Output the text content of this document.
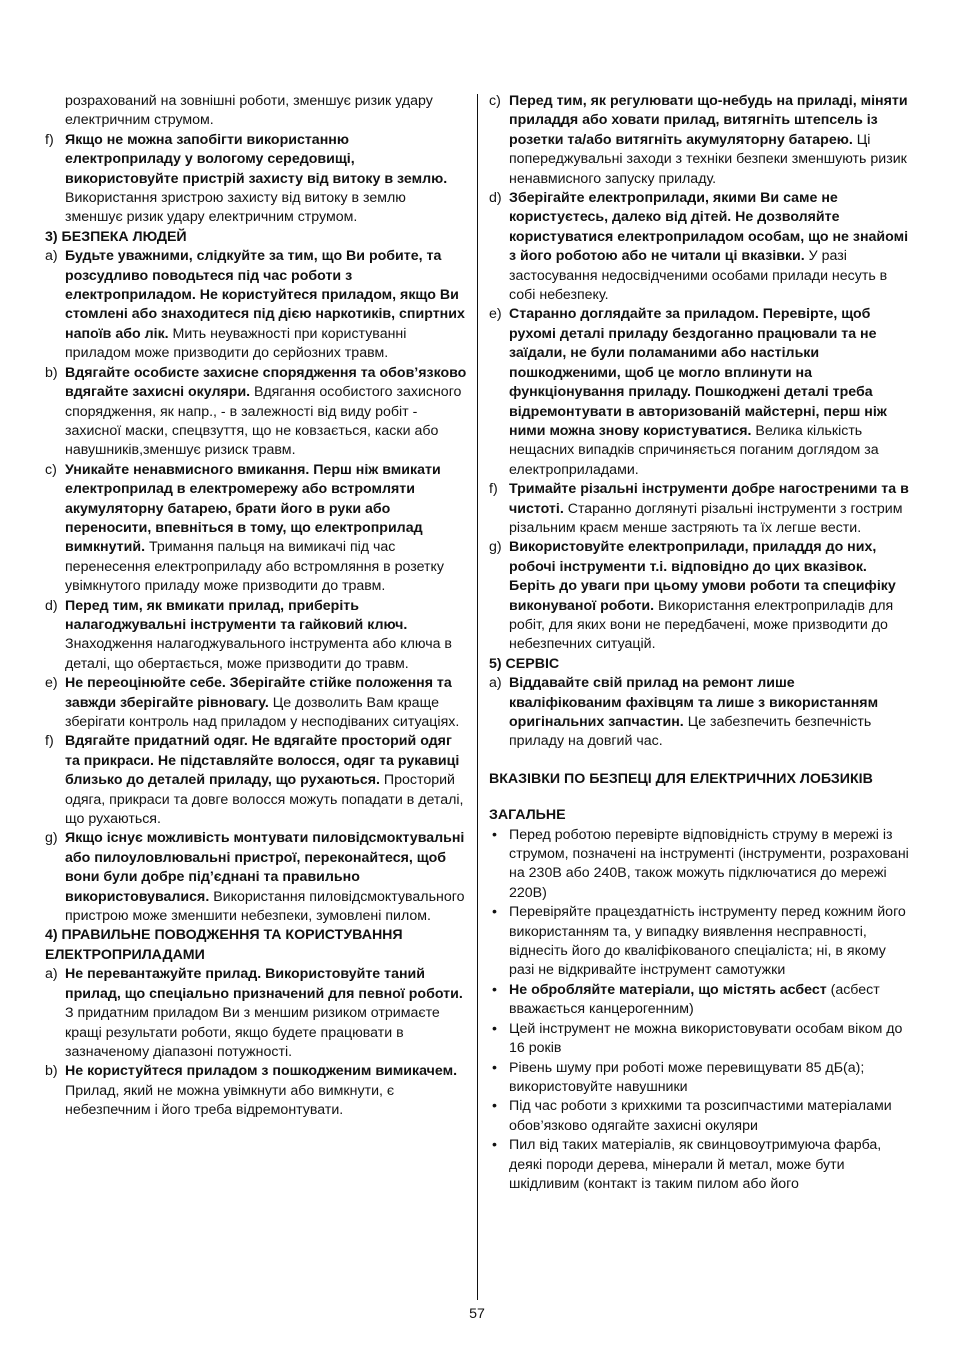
розрахований на зовнішні роботи, зменшує ризик удару електричним струмом.
f) Якщо не можна запобігти використанню електроприладу у вологому середовищі, використовуйте пристрій захисту від витоку в землю. Використання зристрою захисту від витоку в землю зменшує ризик удару електричним струмом.
3) БЕЗПЕКА ЛЮДЕЙ
a) Будьте уважними, слідкуйте за тим, що Ви робите, та розсудливо поводьтеся під час роботи з електроприладом. Не користуйтеся приладом, якщо Ви стомлені або знаходитеся під дією наркотиків, спиртних напоїв або лік. Мить неуважності при користуванні приладом може призводити до серйозних травм.
b) Вдягайте особисте захисне спорядження та обов’язково вдягайте захисні окуляри. Вдягання особистого захисного спорядження, як напр., - в залежності від виду робіт - захисної маски, спецвзуття, що не ковзається, каски або навушників,зменшує ризиск травм.
c) Уникайте ненавмисного вмикання. Перш ніж вмикати електроприлад в електромережу або встромляти акумуляторну батарею, брати його в руки або переносити, впевніться в тому, що електроприлад вимкнутий. Тримання пальця на вимикачі під час перенесення електроприладу або встромляння в розетку увімкнутого приладу може призводити до травм.
d) Перед тим, як вмикати прилад, приберіть налагоджувальні інструменти та гайковий ключ. Знаходження налагоджувального інструмента або ключа в деталі, що обертається, може призводити до травм.
e) Не переоцінюйте себе. Зберігайте стійке положення та завжди зберігайте рівновагу. Це дозволить Вам краще зберігати контроль над приладом у несподіваних ситуаціях.
f) Вдягайте придатний одяг. Не вдягайте просторий одяг та прикраси. Не підставляйте волосся, одяг та рукавиці близько до деталей приладу, що рухаються. Просторий одяга, прикраси та довге волосся можуть попадати в деталі, що рухаються.
g) Якщо існує можливість монтувати пиловідсмоктувальні або пилоуловлювальні пристрої, переконайтеся, щоб вони були добре під’єднані та правильно використовувалися. Використання пиловідсмоктувального пристрою може зменшити небезпеки, зумовлені пилом.
4) ПРАВИЛЬНЕ ПОВОДЖЕННЯ ТА КОРИСТУВАННЯ ЕЛЕКТРОПРИЛАДАМИ
a) Не перевантажуйте прилад. Використовуйте таний прилад, що спеціально призначений для певної роботи. З придатним приладом Ви з меншим ризиком отримаєте кращі результати роботи, якщо будете працювати в зазначеному діапазоні потужності.
b) Не користуйтеся приладом з пошкодженим вимикачем. Прилад, який не можна увімкнути або вимкнути, є небезпечним і його треба відремонтувати.
c) Перед тим, як регулювати що-небудь на приладі, міняти приладдя або ховати прилад, витягніть штепсель із розетки та/або витягніть акумуляторну батарею. Ці попереджувальні заходи з техніки безпеки зменшують ризик ненавмисного запуску приладу.
d) Зберігайте електроприлади, якими Ви саме не користуєтесь, далеко від дітей. Не дозволяйте користуватися електроприладом особам, що не знайомі з його роботою або не читали ці вказівки. У разі застосування недосвідченими особами прилади несуть в собі небезпеку.
e) Старанно доглядайте за приладом. Перевірте, щоб рухомі деталі приладу бездоганно працювали та не заїдали, не були поламаними або настільки пошкодженими, щоб це могло вплинути на функціонування приладу. Пошкоджені деталі треба відремонтувати в авторизованій майстерні, перш ніж ними можна знову користуватися. Велика кількість нещасних випадків спричиняється поганим доглядом за електроприладами.
f) Тримайте різальні інструменти добре нагостреними та в чистоті. Старанно доглянуті різальні інструменти з гострим різальним краєм менше застряють та їх легше вести.
g) Використовуйте електроприлади, приладдя до них, робочі інструменти т.і. відповідно до цих вказівок. Беріть до уваги при цьому умови роботи та специфіку виконуваної роботи. Використання електроприладів для робіт, для яких вони не передбачені, може призводити до небезпечних ситуацій.
5) СЕРВІС
a) Віддавайте свій прилад на ремонт лише кваліфікованим фахівцям та лише з використанням оригінальних запчастин. Це забезпечить безпечність приладу на довгий час.
ВКАЗІВКИ ПО БЕЗПЕЦІ ДЛЯ ЕЛЕКТРИЧНИХ ЛОБЗИКІВ
ЗАГАЛЬНЕ
• Перед роботою перевірте відповідність струму в мережі із струмом, позначені на інструменті (інструменти, розраховані на 230В або 240В, також можуть підключатися до мережі 220В)
• Перевіряйте працездатність інструменту перед кожним його використанням та, у випадку виявлення несправності, віднесіть його до кваліфікованого спеціаліста; ні, в якому разі не відкривайте інструмент самотужки
• Не обробляйте матеріали, що містять асбест (асбест вважається канцерогенним)
• Цей інструмент не можна використовувати особам віком до 16 років
• Рівень шуму при роботі може перевищувати 85 дБ(а); використовуйте навушники
• Під час роботи з крихкими та розсипчастими матеріалами обов’язково одягайте захисні окуляри
• Пил від таких матеріалів, як свинцовоутримуюча фарба, деякі породи дерева, мінерали й метал, може бути шкідливим (контакт із таким пилом або його
57
